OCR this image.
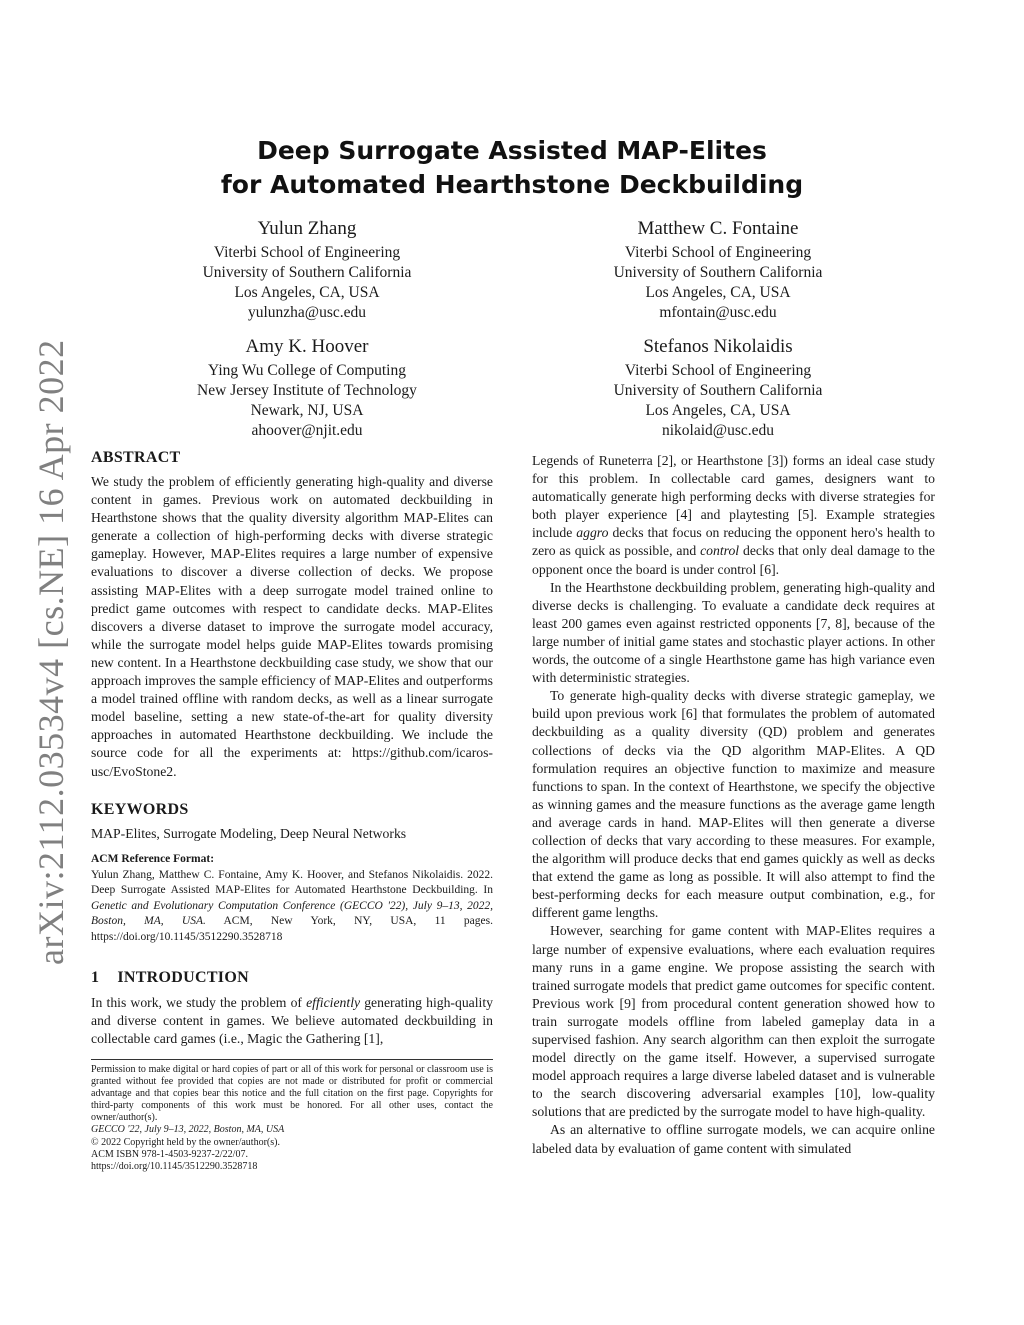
arXiv:2112.03534v4 [cs.NE] 16 Apr 2022
Deep Surrogate Assisted MAP-Elites
for Automated Hearthstone Deckbuilding
Yulun Zhang
Viterbi School of Engineering
University of Southern California
Los Angeles, CA, USA
yulunzha@usc.edu
Matthew C. Fontaine
Viterbi School of Engineering
University of Southern California
Los Angeles, CA, USA
mfontain@usc.edu
Amy K. Hoover
Ying Wu College of Computing
New Jersey Institute of Technology
Newark, NJ, USA
ahoover@njit.edu
Stefanos Nikolaidis
Viterbi School of Engineering
University of Southern California
Los Angeles, CA, USA
nikolaid@usc.edu

ABSTRACT

We study the problem of efficiently generating high-quality and diverse content in games. Previous work on automated deckbuilding in Hearthstone shows that the quality diversity algorithm MAP-Elites can generate a collection of high-performing decks with diverse strategic gameplay. However, MAP-Elites requires a large number of expensive evaluations to discover a diverse collection of decks. We propose assisting MAP-Elites with a deep surrogate model trained online to predict game outcomes with respect to candidate decks. MAP-Elites discovers a diverse dataset to improve the surrogate model accuracy, while the surrogate model helps guide MAP-Elites towards promising new content. In a Hearthstone deckbuilding case study, we show that our approach improves the sample efficiency of MAP-Elites and outperforms a model trained offline with random decks, as well as a linear surrogate model baseline, setting a new state-of-the-art for quality diversity approaches in automated Hearthstone deckbuilding. We include the source code for all the experiments at: https://github.com/icaros-usc/EvoStone2.

KEYWORDS

MAP-Elites, Surrogate Modeling, Deep Neural Networks

ACM Reference Format:

Yulun Zhang, Matthew C. Fontaine, Amy K. Hoover, and Stefanos Nikolaidis. 2022. Deep Surrogate Assisted MAP-Elites for Automated Hearthstone Deckbuilding. In Genetic and Evolutionary Computation Conference (GECCO '22), July 9–13, 2022, Boston, MA, USA. ACM, New York, NY, USA, 11 pages. https://doi.org/10.1145/3512290.3528718

1 INTRODUCTION

In this work, we study the problem of efficiently generating high-quality and diverse content in games. We believe automated deckbuilding in collectable card games (i.e., Magic the Gathering [1],

Permission to make digital or hard copies of part or all of this work for personal or classroom use is granted without fee provided that copies are not made or distributed for profit or commercial advantage and that copies bear this notice and the full citation on the first page. Copyrights for third-party components of this work must be honored. For all other uses, contact the owner/author(s).

GECCO '22, July 9–13, 2022, Boston, MA, USA

© 2022 Copyright held by the owner/author(s).

ACM ISBN 978-1-4503-9237-2/22/07.

https://doi.org/10.1145/3512290.3528718

Legends of Runeterra [2], or Hearthstone [3]) forms an ideal case study for this problem. In collectable card games, designers want to automatically generate high performing decks with diverse strategies for both player experience [4] and playtesting [5]. Example strategies include aggro decks that focus on reducing the opponent hero's health to zero as quick as possible, and control decks that only deal damage to the opponent once the board is under control [6].

In the Hearthstone deckbuilding problem, generating high-quality and diverse decks is challenging. To evaluate a candidate deck requires at least 200 games even against restricted opponents [7, 8], because of the large number of initial game states and stochastic player actions. In other words, the outcome of a single Hearthstone game has high variance even with deterministic strategies.

To generate high-quality decks with diverse strategic gameplay, we build upon previous work [6] that formulates the problem of automated deckbuilding as a quality diversity (QD) problem and generates collections of decks via the QD algorithm MAP-Elites. A QD formulation requires an objective function to maximize and measure functions to span. In the context of Hearthstone, we specify the objective as winning games and the measure functions as the average game length and average cards in hand. MAP-Elites will then generate a diverse collection of decks that vary according to these measures. For example, the algorithm will produce decks that end games quickly as well as decks that extend the game as long as possible. It will also attempt to find the best-performing decks for each measure output combination, e.g., for different game lengths.

However, searching for game content with MAP-Elites requires a large number of expensive evaluations, where each evaluation requires many runs in a game engine. We propose assisting the search with trained surrogate models that predict game outcomes for specific content. Previous work [9] from procedural content generation showed how to train surrogate models offline from labeled gameplay data in a supervised fashion. Any search algorithm can then exploit the surrogate model directly on the game itself. However, a supervised surrogate model approach requires a large diverse labeled dataset and is vulnerable to the search discovering adversarial examples [10], low-quality solutions that are predicted by the surrogate model to have high-quality.

As an alternative to offline surrogate models, we can acquire online labeled data by evaluation of game content with simulated
